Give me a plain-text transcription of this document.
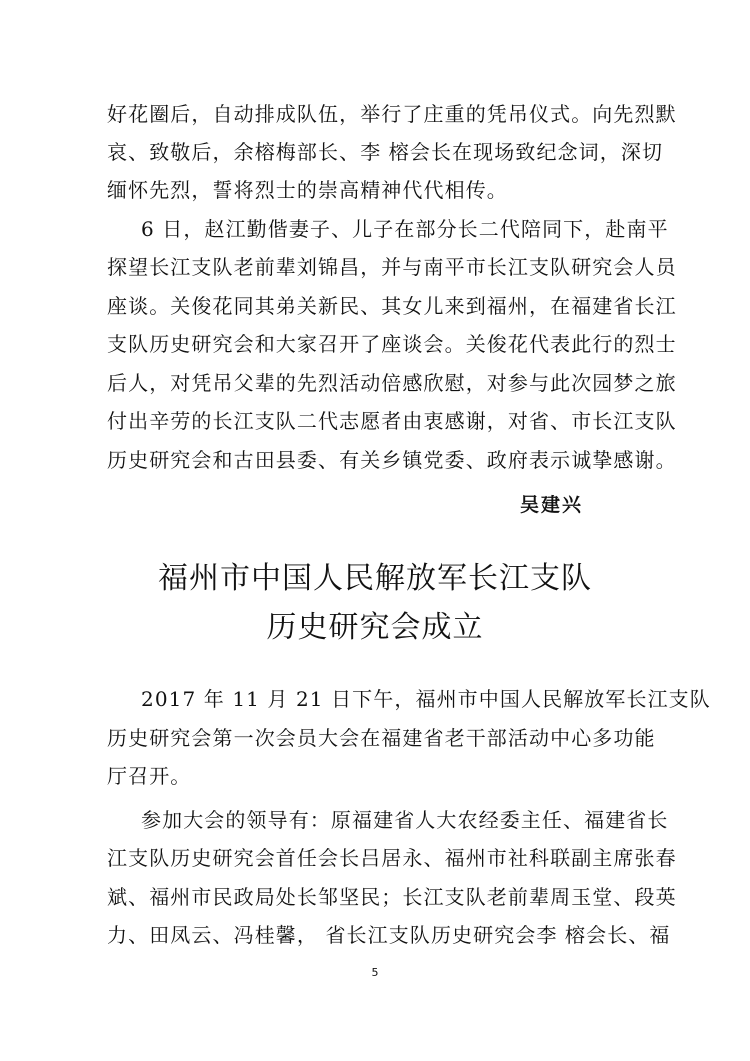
好花圈后，自动排成队伍，举行了庄重的凭吊仪式。向先烈默
哀、致敬后，余榕梅部长、李 榕会长在现场致纪念词，深切
缅怀先烈，誓将烈士的崇高精神代代相传。
6 日，赵江勤偕妻子、儿子在部分长二代陪同下，赴南平
探望长江支队老前辈刘锦昌，并与南平市长江支队研究会人员
座谈。关俊花同其弟关新民、其女儿来到福州，在福建省长江
支队历史研究会和大家召开了座谈会。关俊花代表此行的烈士
后人，对凭吊父辈的先烈活动倍感欣慰，对参与此次园梦之旅
付出辛劳的长江支队二代志愿者由衷感谢，对省、市长江支队
历史研究会和古田县委、有关乡镇党委、政府表示诚挚感谢。
吴建兴
福州市中国人民解放军长江支队
历史研究会成立
2017 年 11 月 21 日下午，福州市中国人民解放军长江支队
历史研究会第一次会员大会在福建省老干部活动中心多功能
厅召开。
参加大会的领导有：原福建省人大农经委主任、福建省长
江支队历史研究会首任会长吕居永、福州市社科联副主席张春
斌、福州市民政局处长邹坚民；长江支队老前辈周玉堂、段英
力、田凤云、冯桂馨， 省长江支队历史研究会李 榕会长、福
5
